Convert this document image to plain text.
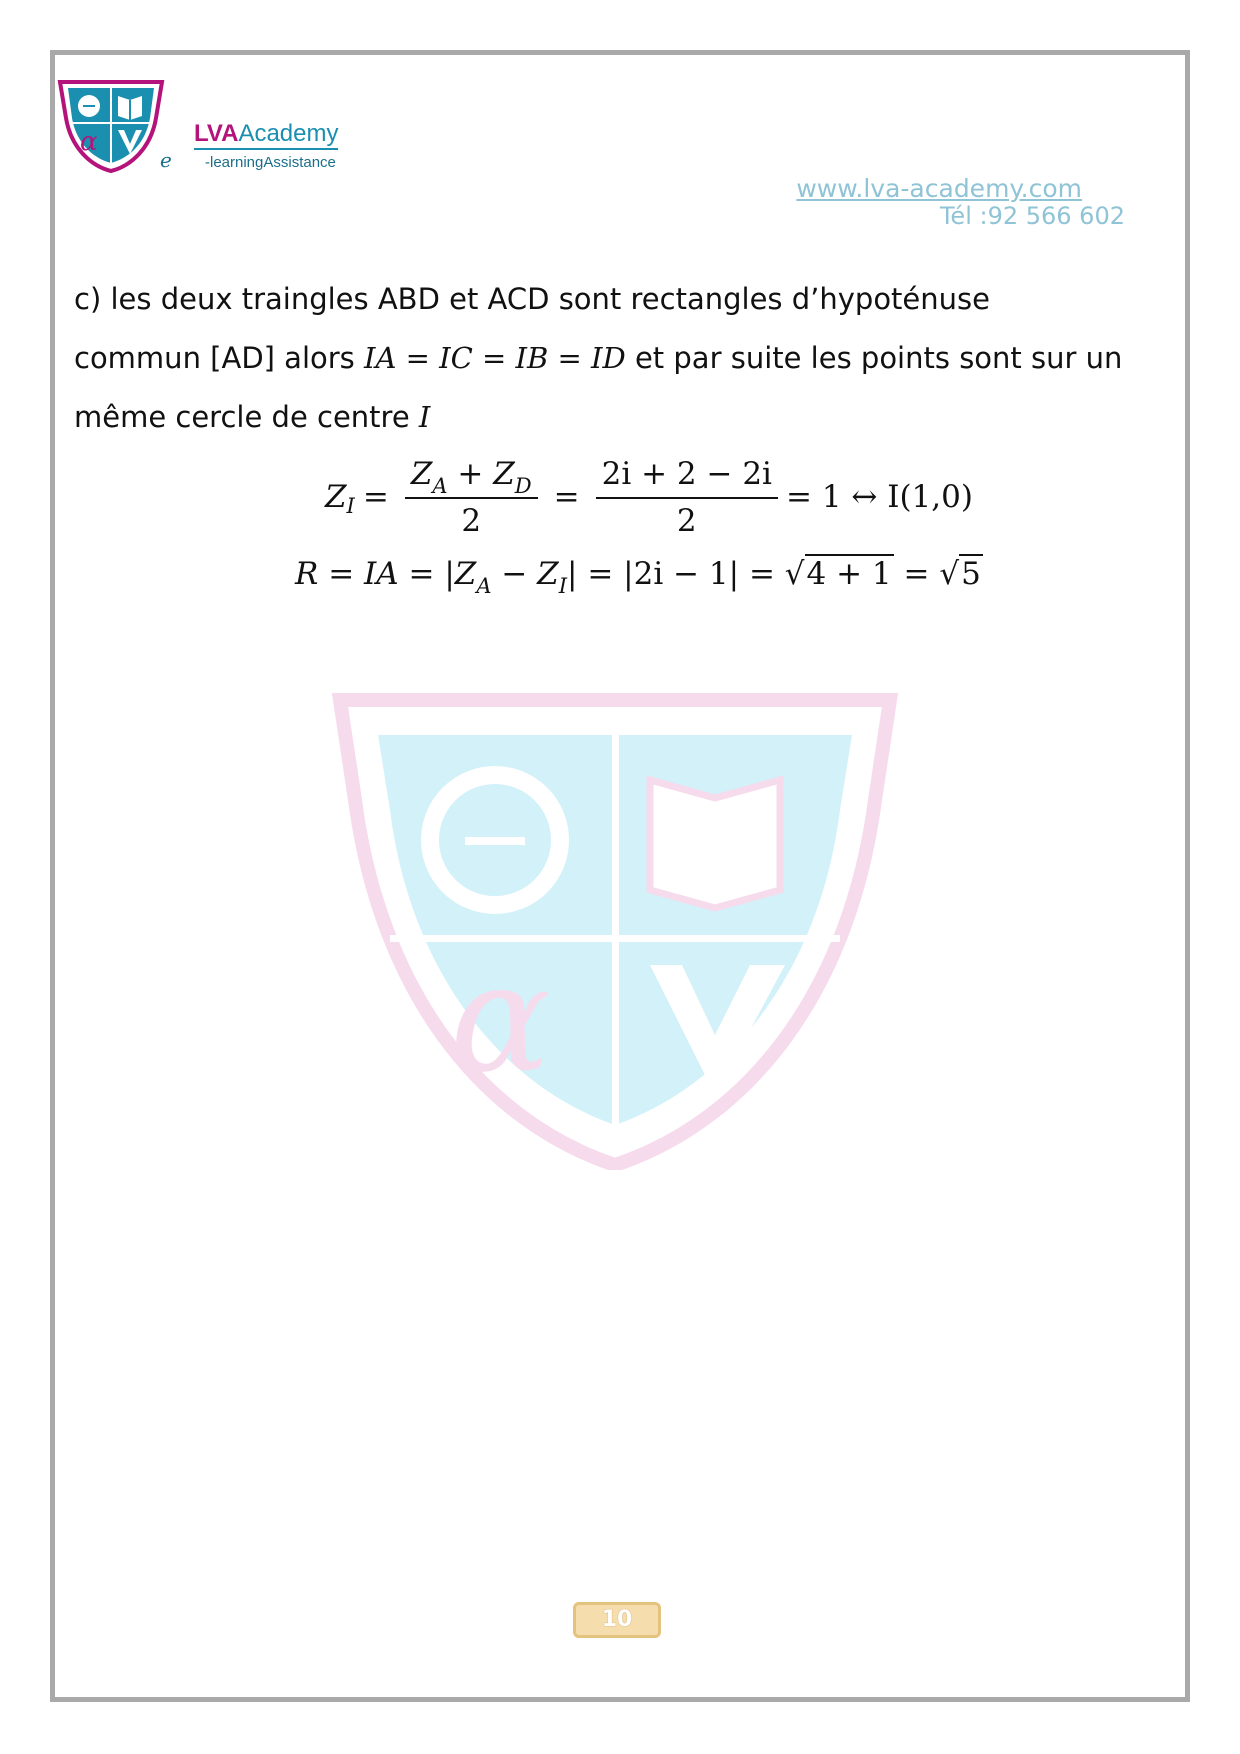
α
e
LVAAcademy
-learningAssistance
www.lva-academy.com
Tél :92 566 602
α
c) les deux traingles ABD et ACD sont rectangles d’hypoténuse
commun [AD] alors IA = IC = IB = ID et par suite les points sont sur un
même cercle de centre I
Z $I = \frac{Z_A + Z_D}{2} = \frac{2i + 2 - 2i}{2} = 1$ ↔ I(1,0)
R = IA = $|Z_A - Z_I| = |2i - 1| = √4 + 1 = √5$
10
